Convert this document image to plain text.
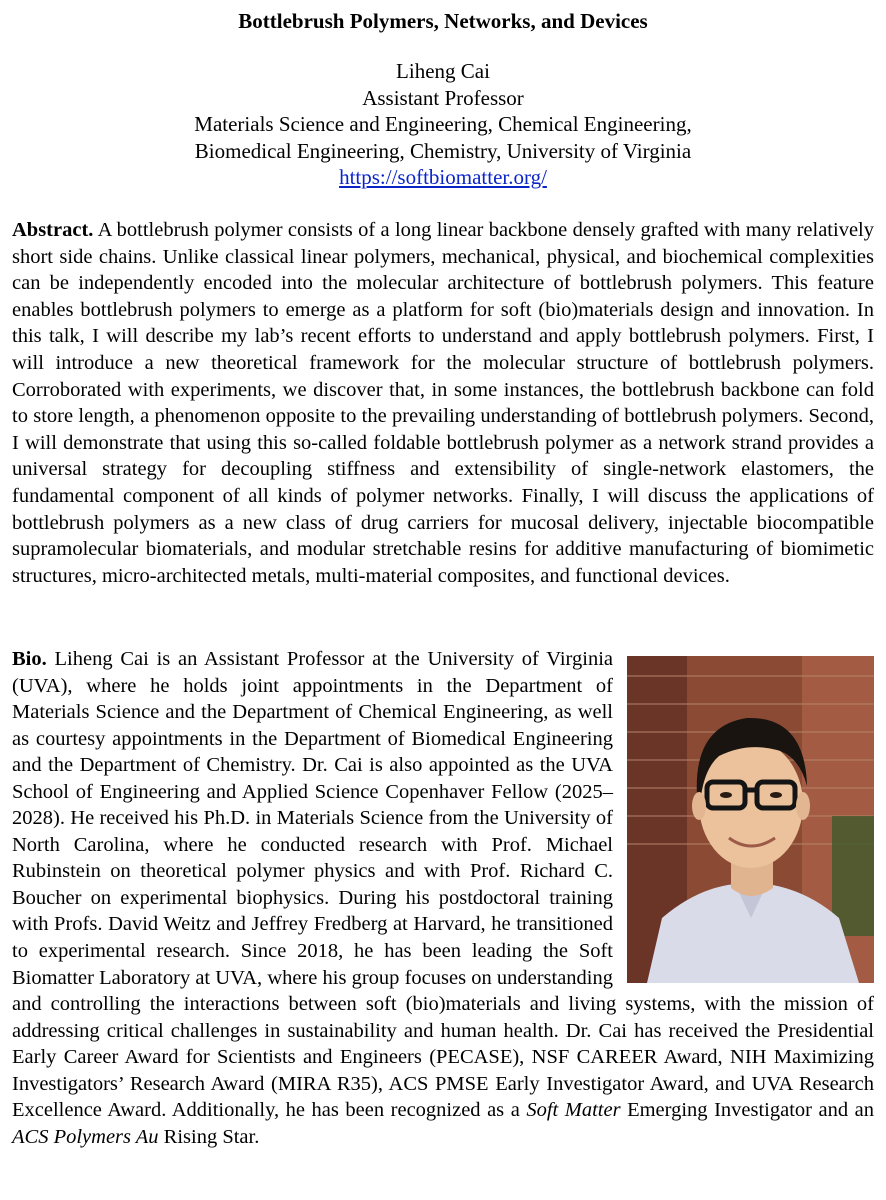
Bottlebrush Polymers, Networks, and Devices
Liheng Cai
Assistant Professor
Materials Science and Engineering, Chemical Engineering,
Biomedical Engineering, Chemistry, University of Virginia
https://softbiomatter.org/
Abstract. A bottlebrush polymer consists of a long linear backbone densely grafted with many relatively short side chains. Unlike classical linear polymers, mechanical, physical, and biochemical complexities can be independently encoded into the molecular architecture of bottlebrush polymers. This feature enables bottlebrush polymers to emerge as a platform for soft (bio)materials design and innovation. In this talk, I will describe my lab’s recent efforts to understand and apply bottlebrush polymers. First, I will introduce a new theoretical framework for the molecular structure of bottlebrush polymers. Corroborated with experiments, we discover that, in some instances, the bottlebrush backbone can fold to store length, a phenomenon opposite to the prevailing understanding of bottlebrush polymers. Second, I will demonstrate that using this so-called foldable bottlebrush polymer as a network strand provides a universal strategy for decoupling stiffness and extensibility of single-network elastomers, the fundamental component of all kinds of polymer networks. Finally, I will discuss the applications of bottlebrush polymers as a new class of drug carriers for mucosal delivery, injectable biocompatible supramolecular biomaterials, and modular stretchable resins for additive manufacturing of biomimetic structures, micro-architected metals, multi-material composites, and functional devices.
Bio. Liheng Cai is an Assistant Professor at the University of Virginia (UVA), where he holds joint appointments in the Department of Materials Science and the Department of Chemical Engineering, as well as courtesy appointments in the Department of Biomedical Engineering and the Department of Chemistry. Dr. Cai is also appointed as the UVA School of Engineering and Applied Science Copenhaver Fellow (2025–2028). He received his Ph.D. in Materials Science from the University of North Carolina, where he conducted research with Prof. Michael Rubinstein on theoretical polymer physics and with Prof. Richard C. Boucher on experimental biophysics. During his postdoctoral training with Profs. David Weitz and Jeffrey Fredberg at Harvard, he transitioned to experimental research. Since 2018, he has been leading the Soft Biomatter Laboratory at UVA, where his group focuses on understanding and controlling the interactions between soft (bio)materials and living systems, with the mission of addressing critical challenges in sustainability and human health. Dr. Cai has received the Presidential Early Career Award for Scientists and Engineers (PECASE), NSF CAREER Award, NIH Maximizing Investigators’ Research Award (MIRA R35), ACS PMSE Early Investigator Award, and UVA Research Excellence Award. Additionally, he has been recognized as a Soft Matter Emerging Investigator and an ACS Polymers Au Rising Star.
